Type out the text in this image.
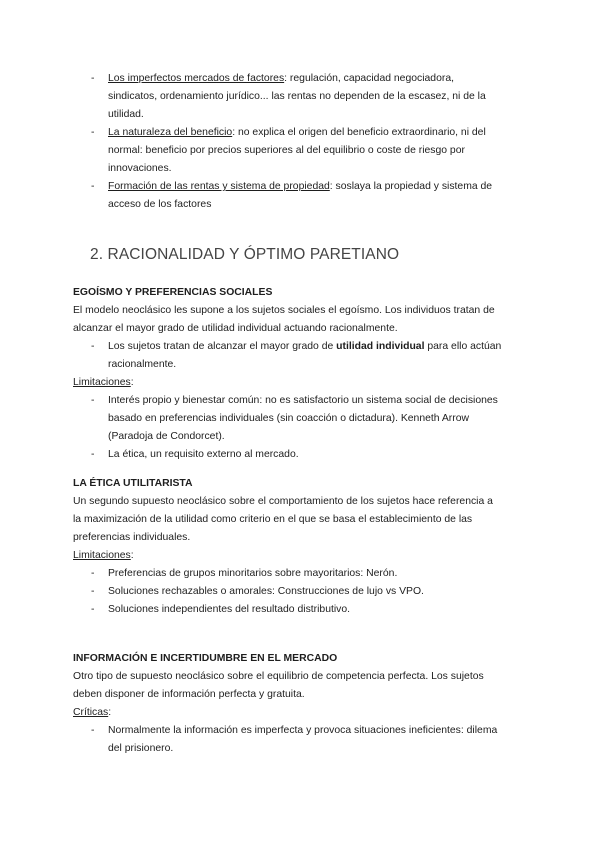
- Los imperfectos mercados de factores: regulación, capacidad negociadora,
sindicatos, ordenamiento jurídico... las rentas no dependen de la escasez, ni de la
utilidad.
- La naturaleza del beneficio: no explica el origen del beneficio extraordinario, ni del
normal: beneficio por precios superiores al del equilibrio o coste de riesgo por
innovaciones.
- Formación de las rentas y sistema de propiedad: soslaya la propiedad y sistema de
acceso de los factores
2. RACIONALIDAD Y ÓPTIMO PARETIANO
EGOÍSMO Y PREFERENCIAS SOCIALES
El modelo neoclásico les supone a los sujetos sociales el egoísmo. Los individuos tratan de
alcanzar el mayor grado de utilidad individual actuando racionalmente.
- Los sujetos tratan de alcanzar el mayor grado de utilidad individual para ello actúan
racionalmente.
Limitaciones:
- Interés propio y bienestar común: no es satisfactorio un sistema social de decisiones
basado en preferencias individuales (sin coacción o dictadura). Kenneth Arrow
(Paradoja de Condorcet).
- La ética, un requisito externo al mercado.
LA ÉTICA UTILITARISTA
Un segundo supuesto neoclásico sobre el comportamiento de los sujetos hace referencia a
la maximización de la utilidad como criterio en el que se basa el establecimiento de las
preferencias individuales.
Limitaciones:
- Preferencias de grupos minoritarios sobre mayoritarios: Nerón.
- Soluciones rechazables o amorales: Construcciones de lujo vs VPO.
- Soluciones independientes del resultado distributivo.
INFORMACIÓN E INCERTIDUMBRE EN EL MERCADO
Otro tipo de supuesto neoclásico sobre el equilibrio de competencia perfecta. Los sujetos
deben disponer de información perfecta y gratuita.
Críticas:
- Normalmente la información es imperfecta y provoca situaciones ineficientes: dilema
del prisionero.
